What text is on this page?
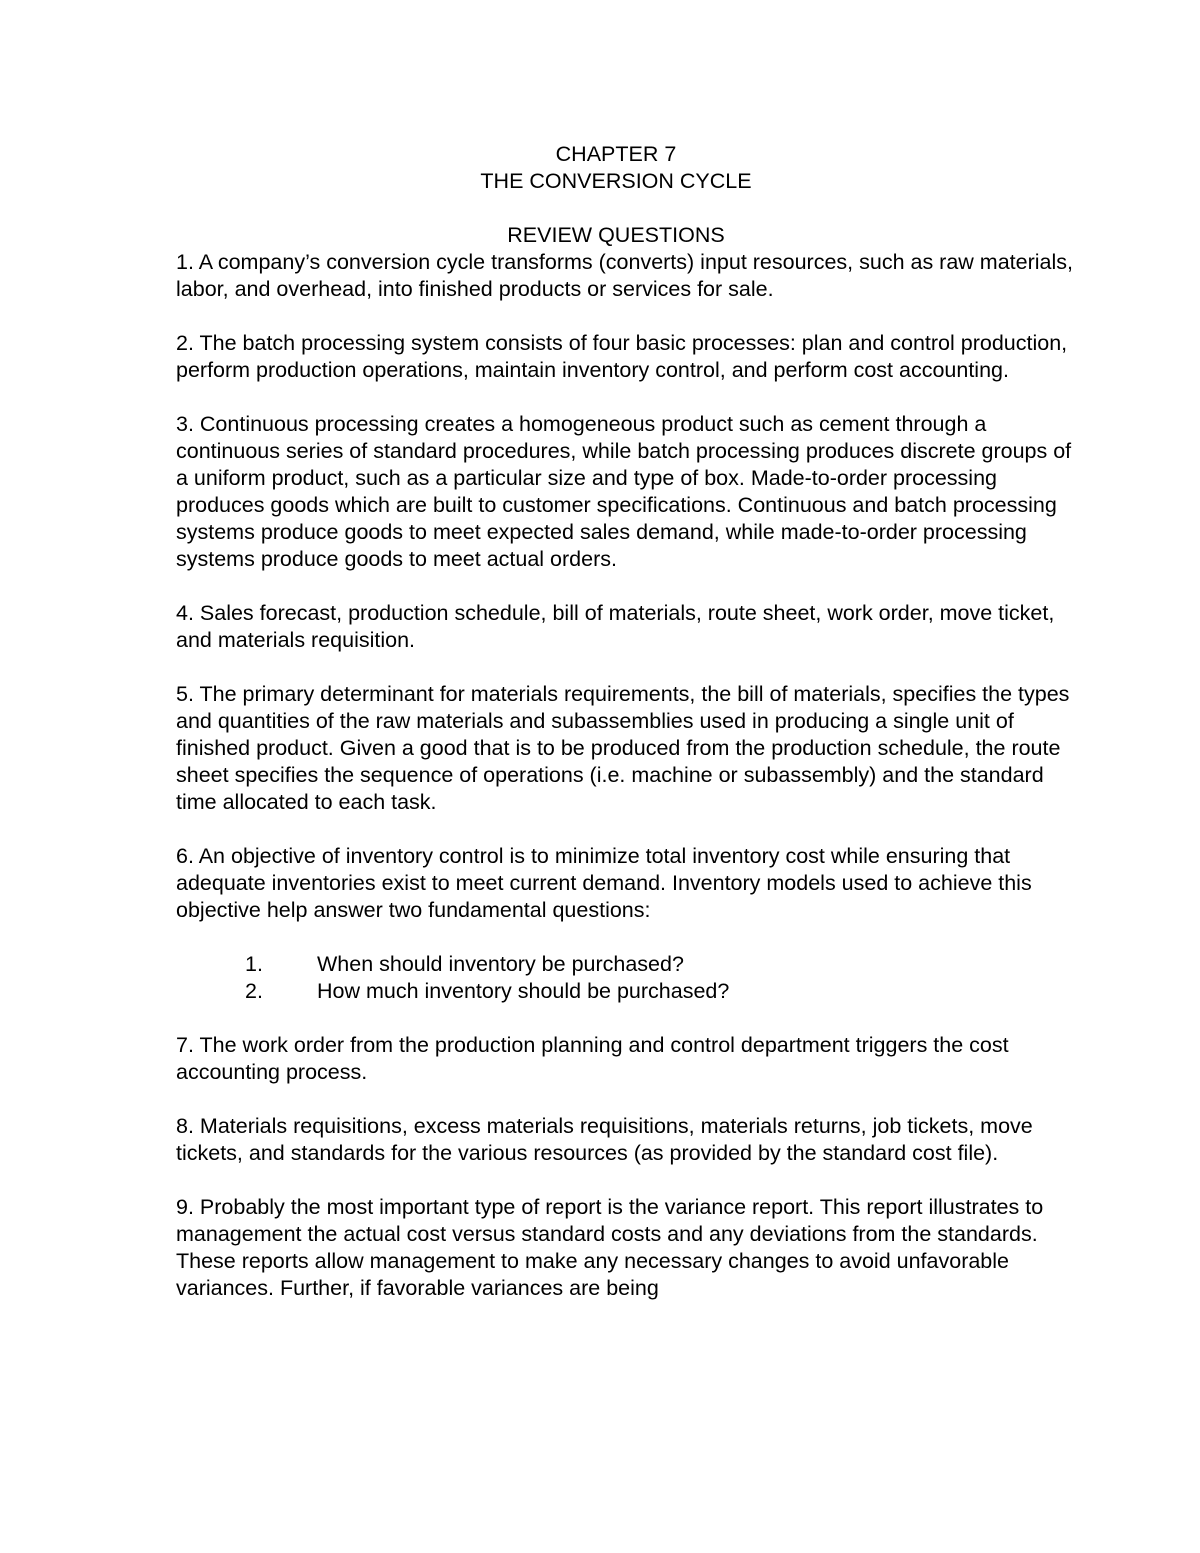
CHAPTER 7
THE CONVERSION CYCLE
REVIEW QUESTIONS

1. A company’s conversion cycle transforms (converts) input resources, such as raw materials, labor, and overhead, into finished products or services for sale.

2. The batch processing system consists of four basic processes: plan and control production, perform production operations, maintain inventory control, and perform cost accounting.

3. Continuous processing creates a homogeneous product such as cement through a continuous series of standard procedures, while batch processing produces discrete groups of a uniform product, such as a particular size and type of box. Made-to-order processing produces goods which are built to customer specifications. Continuous and batch processing systems produce goods to meet expected sales demand, while made-to-order processing systems produce goods to meet actual orders.

4. Sales forecast, production schedule, bill of materials, route sheet, work order, move ticket, and materials requisition.

5. The primary determinant for materials requirements, the bill of materials, specifies the types and quantities of the raw materials and subassemblies used in producing a single unit of finished product. Given a good that is to be produced from the production schedule, the route sheet specifies the sequence of operations (i.e. machine or subassembly) and the standard time allocated to each task.

6. An objective of inventory control is to minimize total inventory cost while ensuring that adequate inventories exist to meet current demand. Inventory models used to achieve this objective help answer two fundamental questions:

1.	When should inventory be purchased?
2.	How much inventory should be purchased?

7. The work order from the production planning and control department triggers the cost accounting process.

8. Materials requisitions, excess materials requisitions, materials returns, job tickets, move tickets, and standards for the various resources (as provided by the standard cost file).

9. Probably the most important type of report is the variance report. This report illustrates to management the actual cost versus standard costs and any deviations from the standards. These reports allow management to make any necessary changes to avoid unfavorable variances. Further, if favorable variances are being
